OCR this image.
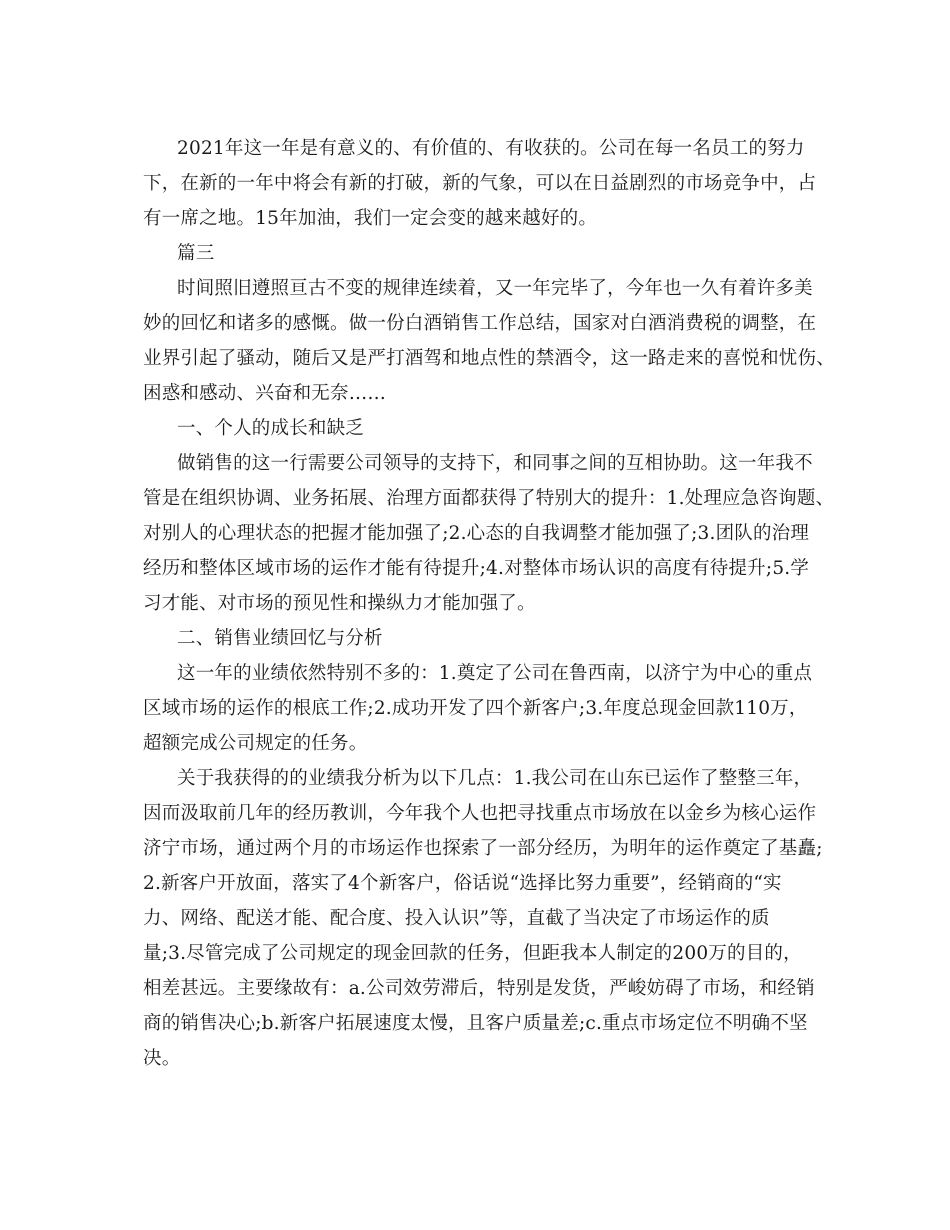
2021年这一年是有意义的、有价值的、有收获的。公司在每一名员工的努力
下，在新的一年中将会有新的打破，新的气象，可以在日益剧烈的市场竞争中，占
有一席之地。15年加油，我们一定会变的越来越好的。
篇三
时间照旧遵照亘古不变的规律连续着，又一年完毕了，今年也一久有着许多美
妙的回忆和诸多的感慨。做一份白酒销售工作总结，国家对白酒消费税的调整，在
业界引起了骚动，随后又是严打酒驾和地点性的禁酒令，这一路走来的喜悦和忧伤、
困惑和感动、兴奋和无奈……
一、个人的成长和缺乏
做销售的这一行需要公司领导的支持下，和同事之间的互相协助。这一年我不
管是在组织协调、业务拓展、治理方面都获得了特别大的提升：1.处理应急咨询题、
对别人的心理状态的把握才能加强了;2.心态的自我调整才能加强了;3.团队的治理
经历和整体区域市场的运作才能有待提升;4.对整体市场认识的高度有待提升;5.学
习才能、对市场的预见性和操纵力才能加强了。
二、销售业绩回忆与分析
这一年的业绩依然特别不多的：1.奠定了公司在鲁西南，以济宁为中心的重点
区域市场的运作的根底工作;2.成功开发了四个新客户;3.年度总现金回款110万，
超额完成公司规定的任务。
关于我获得的的业绩我分析为以下几点：1.我公司在山东已运作了整整三年，
因而汲取前几年的经历教训，今年我个人也把寻找重点市场放在以金乡为核心运作
济宁市场，通过两个月的市场运作也探索了一部分经历，为明年的运作奠定了基矗;
2.新客户开放面，落实了4个新客户，俗话说“选择比努力重要”，经销商的“实
力、网络、配送才能、配合度、投入认识”等，直截了当决定了市场运作的质
量;3.尽管完成了公司规定的现金回款的任务，但距我本人制定的200万的目的，
相差甚远。主要缘故有：a.公司效劳滞后，特别是发货，严峻妨碍了市场，和经销
商的销售决心;b.新客户拓展速度太慢，且客户质量差;c.重点市场定位不明确不坚
决。
